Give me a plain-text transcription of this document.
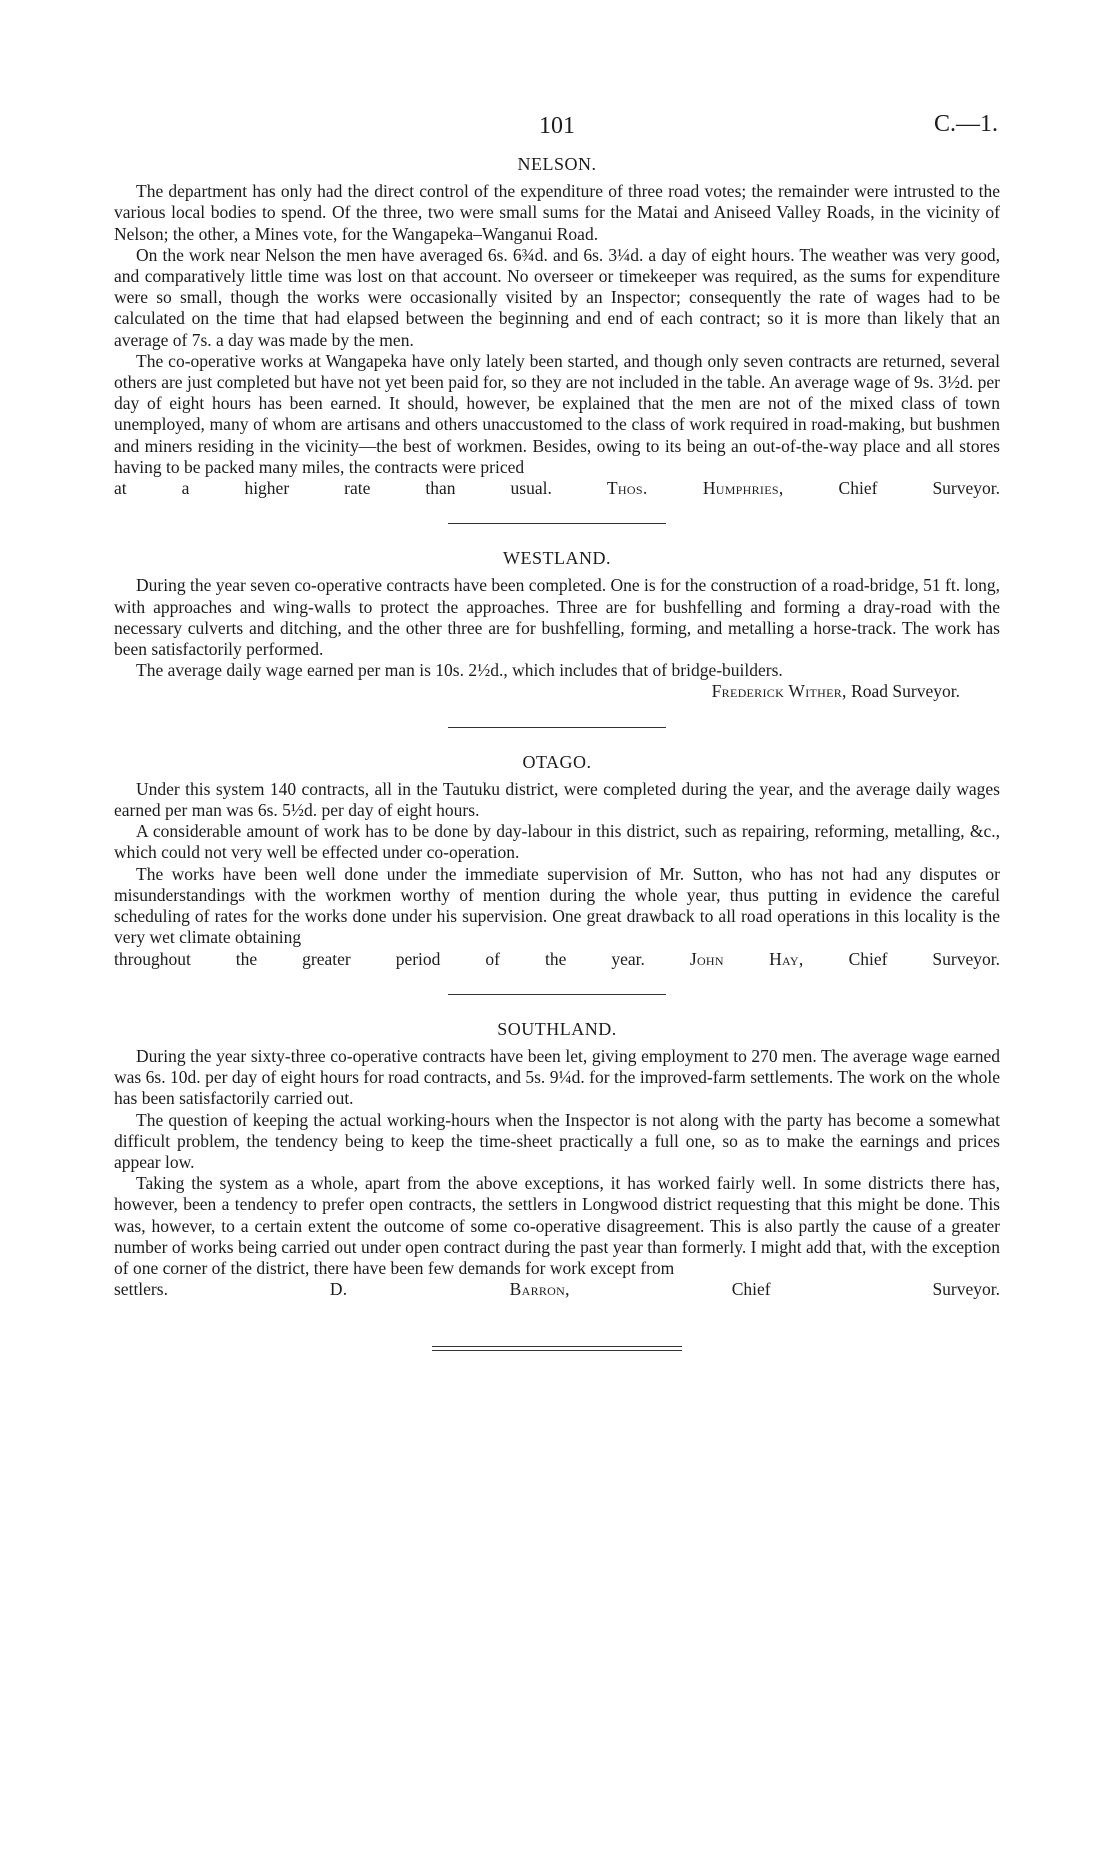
101	C.—1.
NELSON.

The department has only had the direct control of the expenditure of three road votes; the remainder were intrusted to the various local bodies to spend. Of the three, two were small sums for the Matai and Aniseed Valley Roads, in the vicinity of Nelson; the other, a Mines vote, for the Wangapeka–Wanganui Road.

On the work near Nelson the men have averaged 6s. 6¾d. and 6s. 3¼d. a day of eight hours. The weather was very good, and comparatively little time was lost on that account. No overseer or timekeeper was required, as the sums for expenditure were so small, though the works were occasionally visited by an Inspector; consequently the rate of wages had to be calculated on the time that had elapsed between the beginning and end of each contract; so it is more than likely that an average of 7s. a day was made by the men.

The co-operative works at Wangapeka have only lately been started, and though only seven contracts are returned, several others are just completed but have not yet been paid for, so they are not included in the table. An average wage of 9s. 3½d. per day of eight hours has been earned. It should, however, be explained that the men are not of the mixed class of town unemployed, many of whom are artisans and others unaccustomed to the class of work required in road-making, but bushmen and miners residing in the vicinity—the best of workmen. Besides, owing to its being an out-of-the-way place and all stores having to be packed many miles, the contracts were priced

at a higher rate than usual.	Thos. Humphries,	Chief Surveyor.

WESTLAND.

During the year seven co-operative contracts have been completed. One is for the construction of a road-bridge, 51 ft. long, with approaches and wing-walls to protect the approaches. Three are for bushfelling and forming a dray-road with the necessary culverts and ditching, and the other three are for bushfelling, forming, and metalling a horse-track. The work has been satisfactorily performed.

The average daily wage earned per man is 10s. 2½d., which includes that of bridge-builders.

Frederick Wither, Road Surveyor.

OTAGO.

Under this system 140 contracts, all in the Tautuku district, were completed during the year, and the average daily wages earned per man was 6s. 5½d. per day of eight hours.

A considerable amount of work has to be done by day-labour in this district, such as repairing, reforming, metalling, &c., which could not very well be effected under co-operation.

The works have been well done under the immediate supervision of Mr. Sutton, who has not had any disputes or misunderstandings with the workmen worthy of mention during the whole year, thus putting in evidence the careful scheduling of rates for the works done under his supervision. One great drawback to all road operations in this locality is the very wet climate obtaining

throughout the greater period of the year.	John Hay,	Chief Surveyor.

SOUTHLAND.

During the year sixty-three co-operative contracts have been let, giving employment to 270 men. The average wage earned was 6s. 10d. per day of eight hours for road contracts, and 5s. 9¼d. for the improved-farm settlements. The work on the whole has been satisfactorily carried out.

The question of keeping the actual working-hours when the Inspector is not along with the party has become a somewhat difficult problem, the tendency being to keep the time-sheet practically a full one, so as to make the earnings and prices appear low.

Taking the system as a whole, apart from the above exceptions, it has worked fairly well. In some districts there has, however, been a tendency to prefer open contracts, the settlers in Longwood district requesting that this might be done. This was, however, to a certain extent the outcome of some co-operative disagreement. This is also partly the cause of a greater number of works being carried out under open contract during the past year than formerly. I might add that, with the exception of one corner of the district, there have been few demands for work except from

settlers.	D. Barron,	Chief Surveyor.
